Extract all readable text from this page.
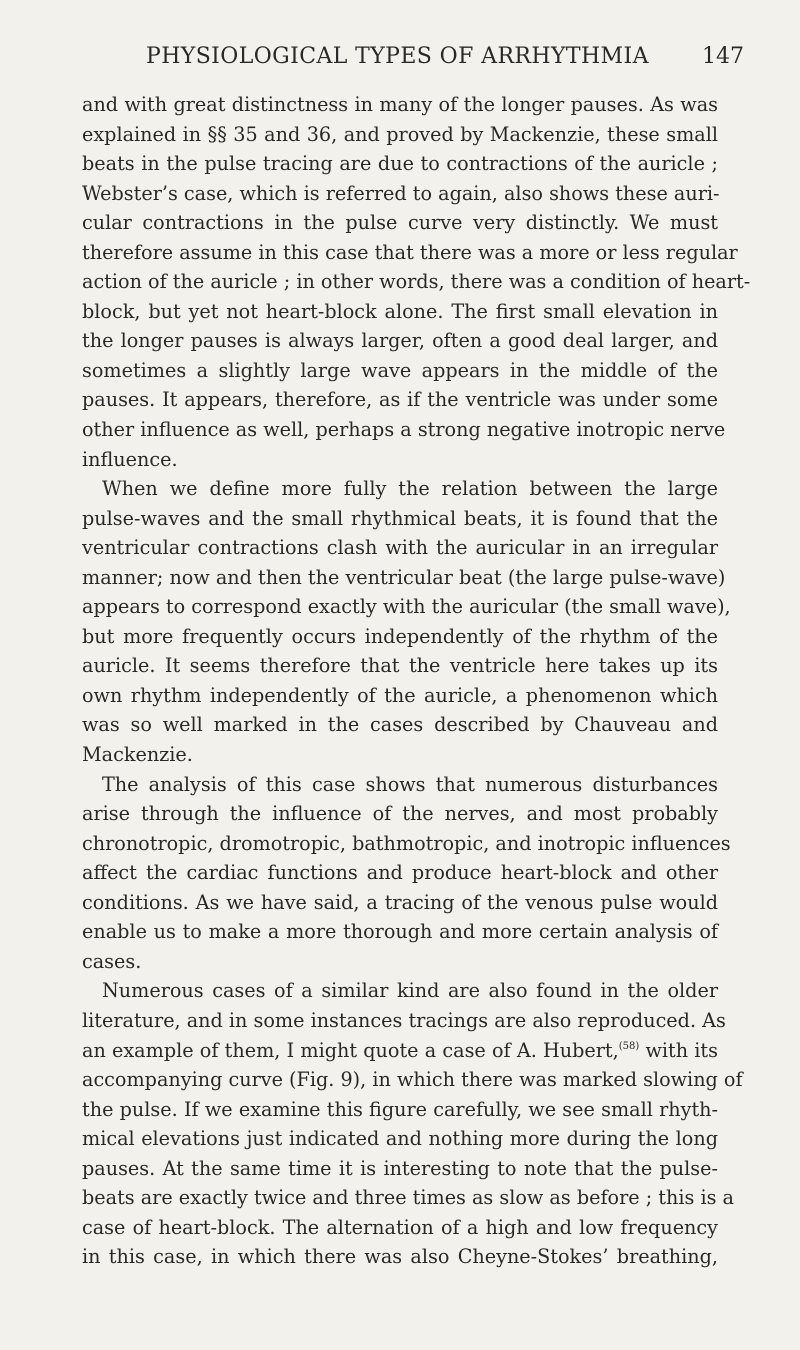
PHYSIOLOGICAL TYPES OF ARRHYTHMIA 147
and with great distinctness in many of the longer pauses. As was
explained in §§ 35 and 36, and proved by Mackenzie, these small
beats in the pulse tracing are due to contractions of the auricle ;
Webster’s case, which is referred to again, also shows these auri-
cular contractions in the pulse curve very distinctly. We must
therefore assume in this case that there was a more or less regular
action of the auricle ; in other words, there was a condition of heart-
block, but yet not heart-block alone. The first small elevation in
the longer pauses is always larger, often a good deal larger, and
sometimes a slightly large wave appears in the middle of the
pauses. It appears, therefore, as if the ventricle was under some
other influence as well, perhaps a strong negative inotropic nerve
influence.
When we define more fully the relation between the large
pulse-waves and the small rhythmical beats, it is found that the
ventricular contractions clash with the auricular in an irregular
manner; now and then the ventricular beat (the large pulse-wave)
appears to correspond exactly with the auricular (the small wave),
but more frequently occurs independently of the rhythm of the
auricle. It seems therefore that the ventricle here takes up its
own rhythm independently of the auricle, a phenomenon which
was so well marked in the cases described by Chauveau and
Mackenzie.
The analysis of this case shows that numerous disturbances
arise through the influence of the nerves, and most probably
chronotropic, dromotropic, bathmotropic, and inotropic influences
affect the cardiac functions and produce heart-block and other
conditions. As we have said, a tracing of the venous pulse would
enable us to make a more thorough and more certain analysis of
cases.
Numerous cases of a similar kind are also found in the older
literature, and in some instances tracings are also reproduced. As
an example of them, I might quote a case of A. Hubert,$^{(58)}$ with its
accompanying curve (Fig. 9), in which there was marked slowing of
the pulse. If we examine this figure carefully, we see small rhyth-
mical elevations just indicated and nothing more during the long
pauses. At the same time it is interesting to note that the pulse-
beats are exactly twice and three times as slow as before ; this is a
case of heart-block. The alternation of a high and low frequency
in this case, in which there was also Cheyne-Stokes’ breathing,
